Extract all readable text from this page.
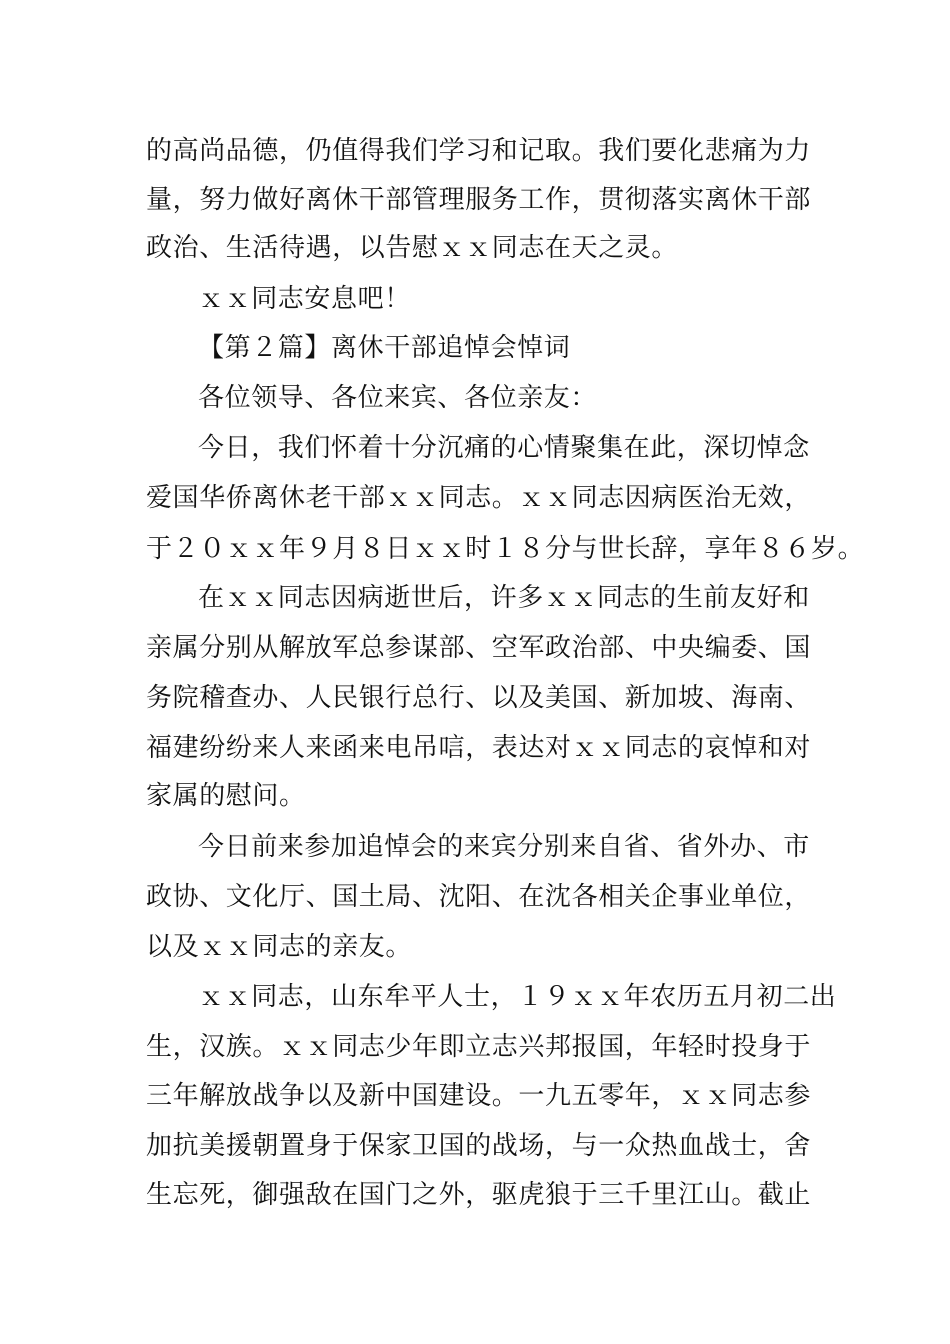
的高尚品德，仍值得我们学习和记取。我们要化悲痛为力
量，努力做好离休干部管理服务工作，贯彻落实离休干部
政治、生活待遇，以告慰ｘｘ同志在天之灵。
ｘｘ同志安息吧！
【第２篇】离休干部追悼会悼词
各位领导、各位来宾、各位亲友：
今日，我们怀着十分沉痛的心情聚集在此，深切悼念
爱国华侨离休老干部ｘｘ同志。ｘｘ同志因病医治无效，
于２０ｘｘ年９月８日ｘｘ时１８分与世长辞，享年８６岁。
在ｘｘ同志因病逝世后，许多ｘｘ同志的生前友好和
亲属分别从解放军总参谋部、空军政治部、中央编委、国
务院稽查办、人民银行总行、以及美国、新加坡、海南、
福建纷纷来人来函来电吊唁，表达对ｘｘ同志的哀悼和对
家属的慰问。
今日前来参加追悼会的来宾分别来自省、省外办、市
政协、文化厅、国土局、沈阳、在沈各相关企事业单位，
以及ｘｘ同志的亲友。
ｘｘ同志，山东牟平人士，１９ｘｘ年农历五月初二出
生，汉族。ｘｘ同志少年即立志兴邦报国，年轻时投身于
三年解放战争以及新中国建设。一九五零年，ｘｘ同志参
加抗美援朝置身于保家卫国的战场，与一众热血战士，舍
生忘死，御强敌在国门之外，驱虎狼于三千里江山。截止
